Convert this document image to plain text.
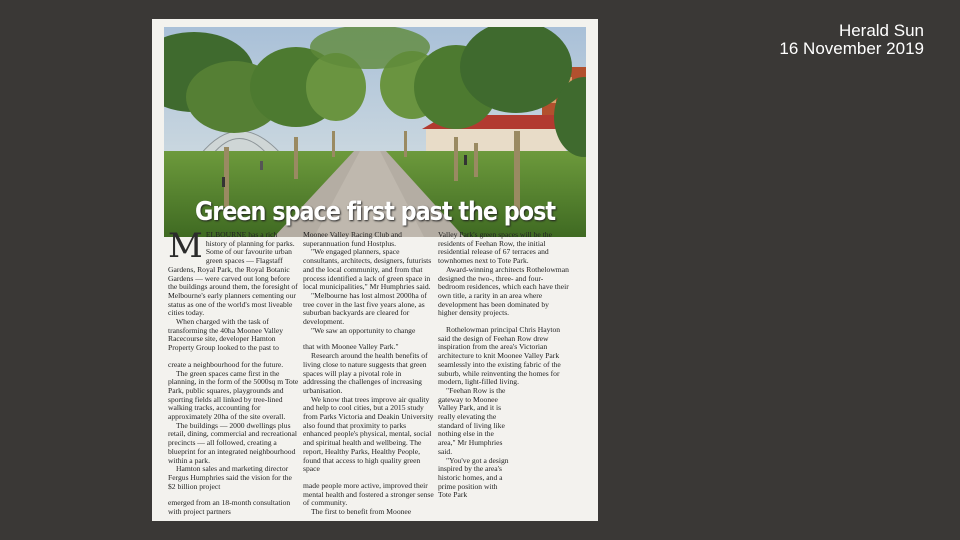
Herald Sun
16 November 2019
Green space first past the post

MELBOURNE has a rich history of planning for parks. Some of our favourite urban green spaces — Flagstaff Gardens, Royal Park, the Royal Botanic Gardens — were carved out long before the buildings around them, the foresight of Melbourne's early planners cementing our status as one of the world's most liveable cities today.

When charged with the task of transforming the 40ha Moonee Valley Racecourse site, developer Hamton Property Group looked to the past to

create a neighbourhood for the future.

The green spaces came first in the planning, in the form of the 5000sq m Tote Park, public squares, playgrounds and sporting fields all linked by tree-lined walking tracks, accounting for approximately 20ha of the site overall.

The buildings — 2000 dwellings plus retail, dining, commercial and recreational precincts — all followed, creating a blueprint for an integrated neighbourhood within a park.

Hamton sales and marketing director Fergus Humphries said the vision for the $2 billion project

emerged from an 18-month consultation with project partners

Moonee Valley Racing Club and superannuation fund Hostplus.

"We engaged planners, space consultants, architects, designers, futurists and the local community, and from that process identified a lack of green space in local municipalities," Mr Humphries said.

"Melbourne has lost almost 2000ha of tree cover in the last five years alone, as suburban backyards are cleared for development.

"We saw an opportunity to change

that with Moonee Valley Park."

Research around the health benefits of living close to nature suggests that green spaces will play a pivotal role in addressing the challenges of increasing urbanisation.

We know that trees improve air quality and help to cool cities, but a 2015 study from Parks Victoria and Deakin University also found that proximity to parks enhanced people's physical, mental, social and spiritual health and wellbeing. The report, Healthy Parks, Healthy People, found that access to high quality green space

made people more active, improved their mental health and fostered a stronger sense of community.

The first to benefit from Moonee

Valley Park's green spaces will be the residents of Feehan Row, the initial residential release of 67 terraces and townhomes next to Tote Park.

Award-winning architects Rothelowman designed the two-, three- and four-bedroom residences, which each have their own title, a rarity in an area where development has been dominated by higher density projects.

Rothelowman principal Chris Hayton said the design of Feehan Row drew inspiration from the area's Victorian architecture to knit Moonee Valley Park seamlessly into the existing fabric of the suburb, while reinventing the homes for modern, light-filled living.

"Feehan Row is the gateway to Moonee Valley Park, and it is really elevating the standard of living like nothing else in the area," Mr Humphries said.

"You've got a design inspired by the area's historic homes, and a prime position with Tote Park
